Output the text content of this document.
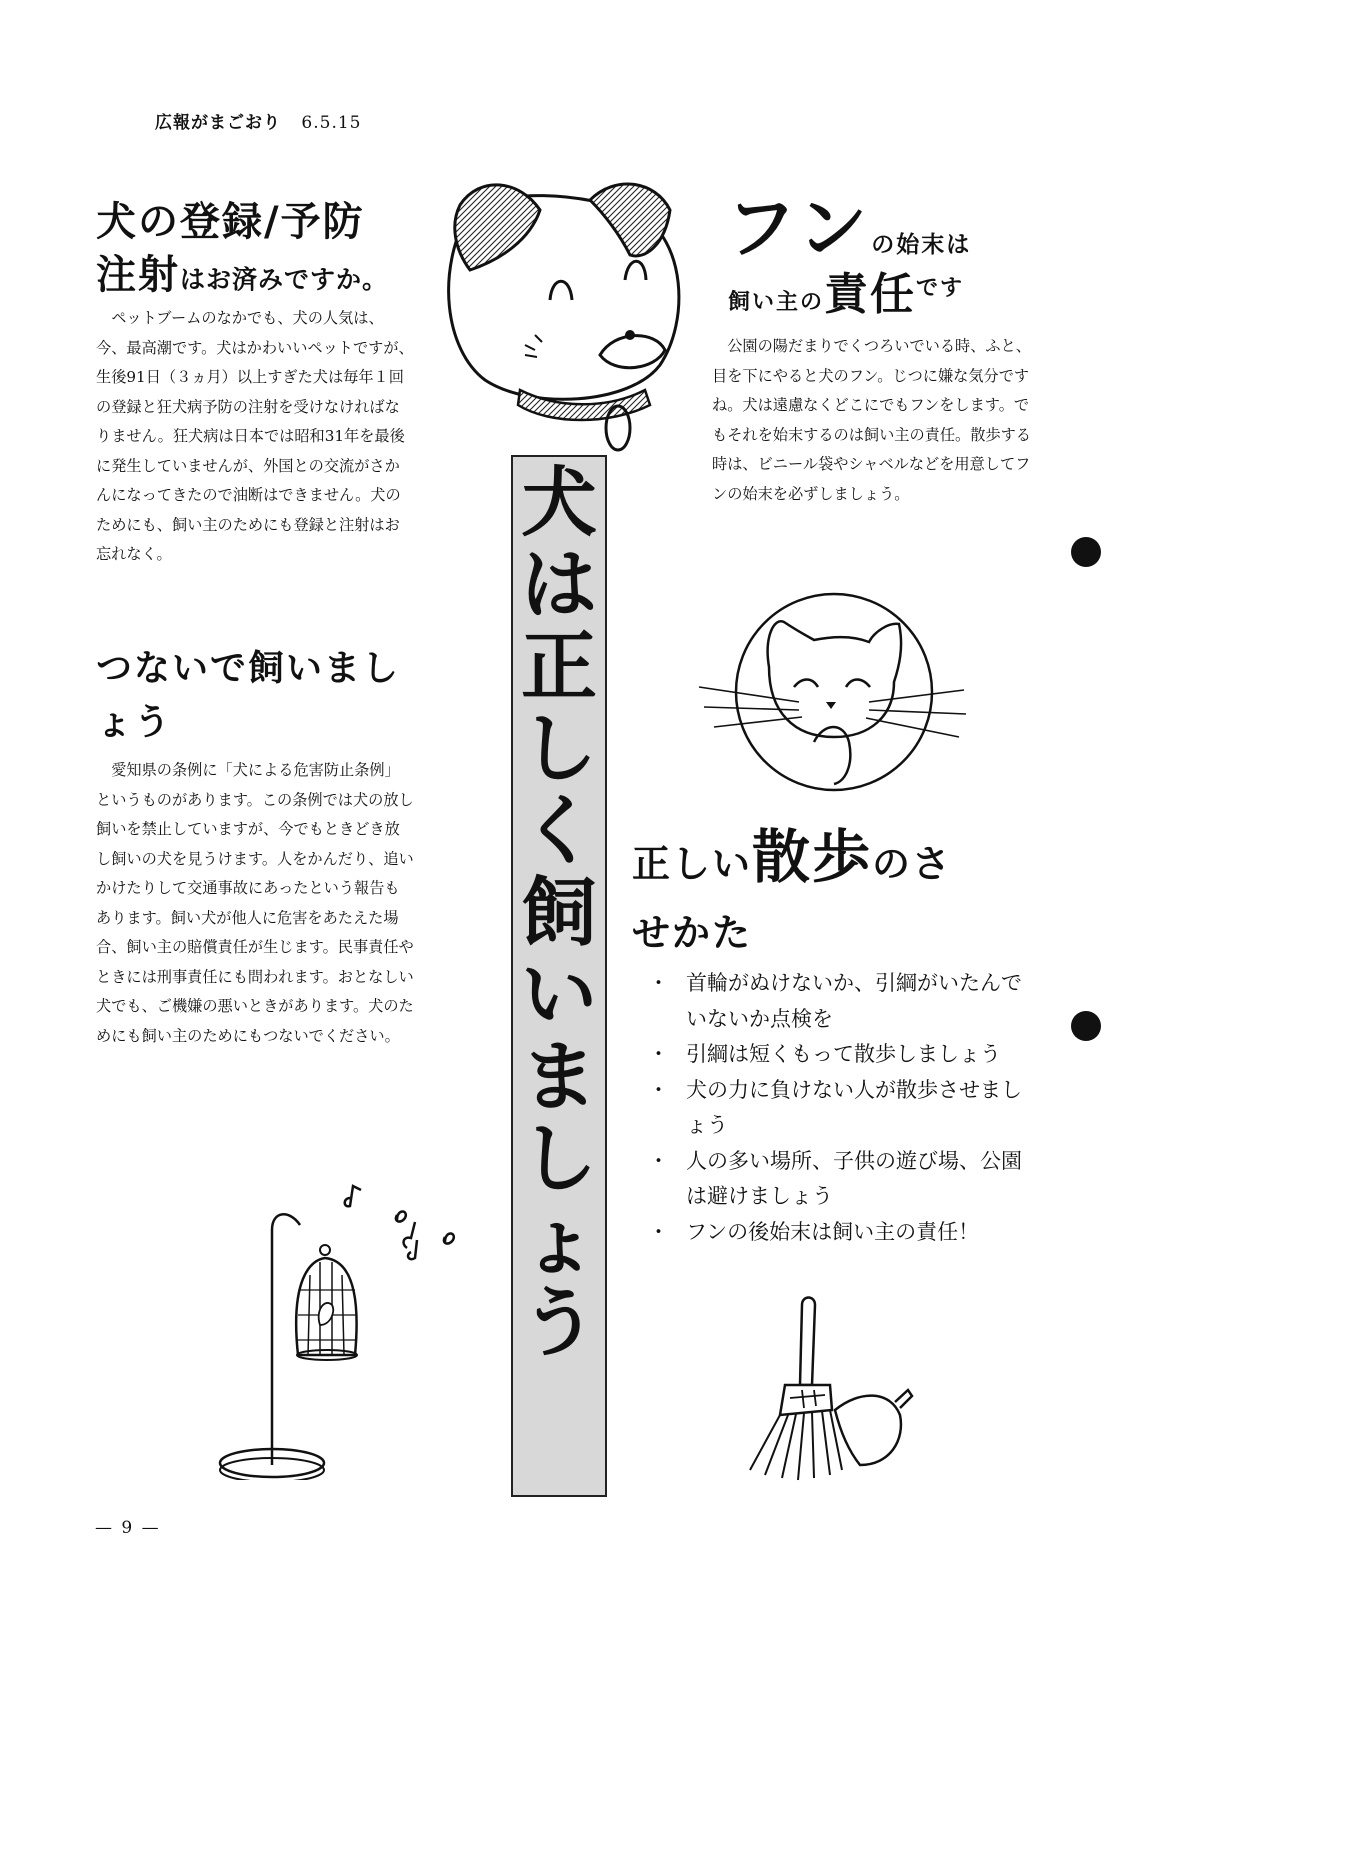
広報がまごおり 6.5.15
犬の登録/予防
注射はお済みですか。

ペットブームのなかでも、犬の人気は、今、最高潮です。犬はかわいいペットですが、生後91日（３ヵ月）以上すぎた犬は毎年１回の登録と狂犬病予防の注射を受けなければなりません。狂犬病は日本では昭和31年を最後に発生していませんが、外国との交流がさかんになってきたので油断はできません。犬のためにも、飼い主のためにも登録と注射はお忘れなく。

つないで飼いましょう

愛知県の条例に「犬による危害防止条例」というものがあります。この条例では犬の放し飼いを禁止していますが、今でもときどき放し飼いの犬を見うけます。人をかんだり、追いかけたりして交通事故にあったという報告もあります。飼い犬が他人に危害をあたえた場合、飼い主の賠償責任が生じます。民事責任やときには刑事責任にも問われます。おとなしい犬でも、ご機嫌の悪いときがあります。犬のためにも飼い主のためにもつないでください。

犬
は
正
し
く
飼
い
ま
し
ょ
う
フンの始末は
飼い主の責任です

公園の陽だまりでくつろいでいる時、ふと、目を下にやると犬のフン。じつに嫌な気分ですね。犬は遠慮なくどこにでもフンをします。でもそれを始末するのは飼い主の責任。散歩する時は、ビニール袋やシャベルなどを用意してフンの始末を必ずしましょう。

正しい散歩のさ
せかた
・ 首輪がぬけないか、引綱がいたんでいないか点検を
・ 引綱は短くもって散歩しましょう
・ 犬の力に負けない人が散歩させましょう
・ 人の多い場所、子供の遊び場、公園は避けましょう
・ フンの後始末は飼い主の責任！
— 9 —
